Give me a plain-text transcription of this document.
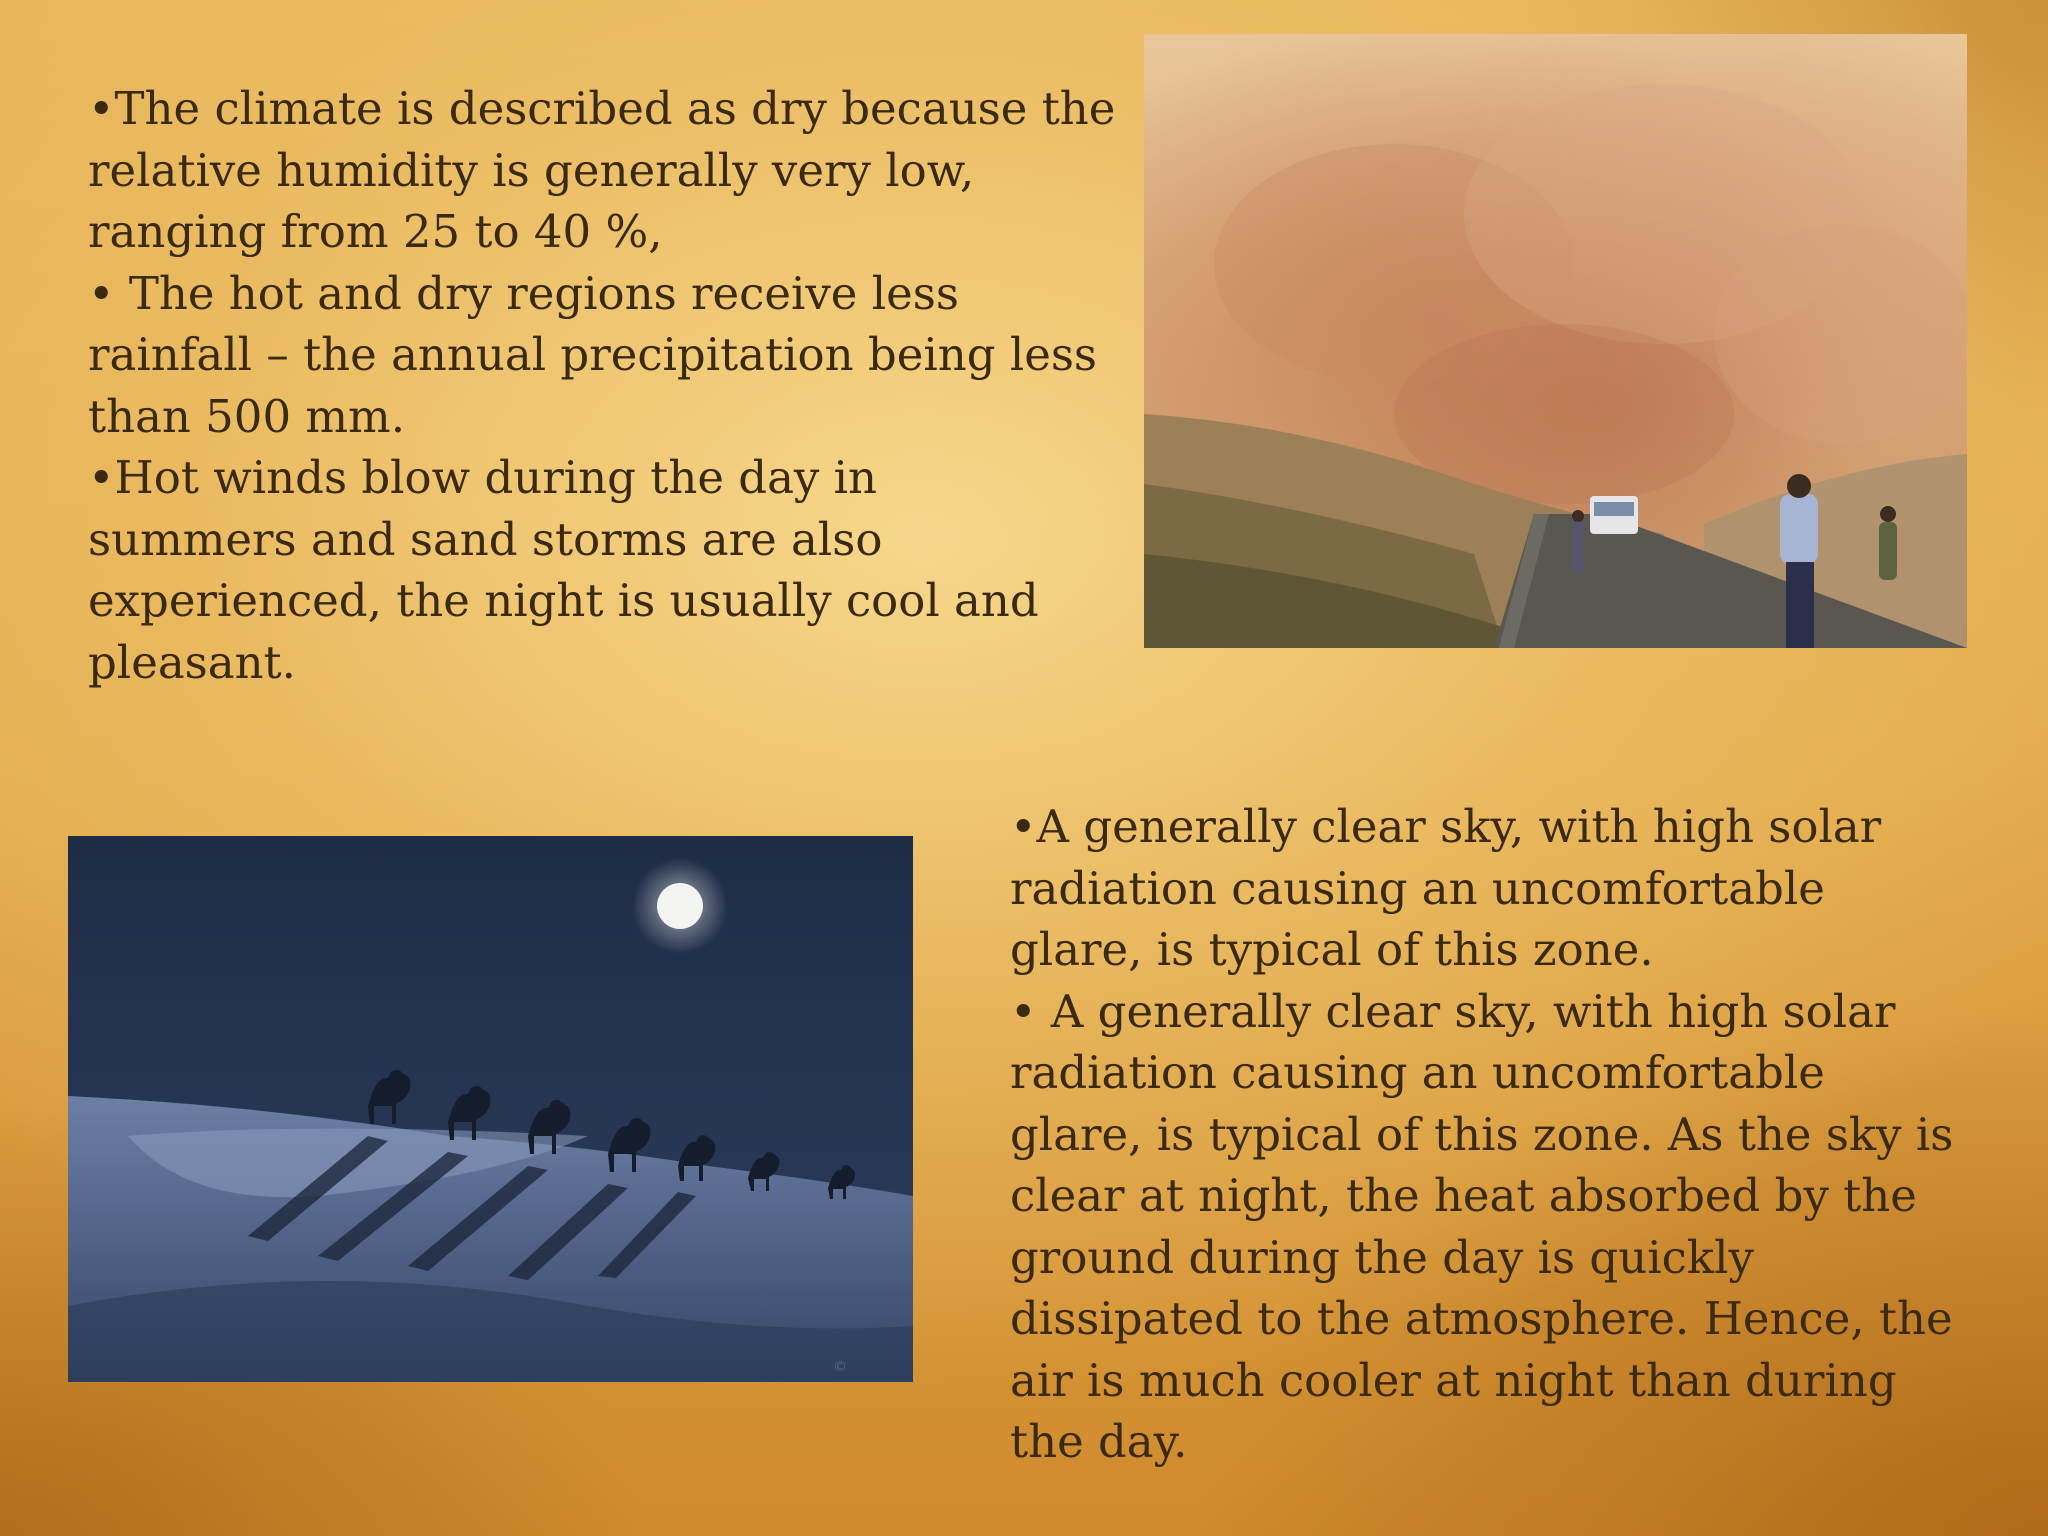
•The climate is described as dry because the

relative humidity is generally very low,

ranging from 25 to 40 %,

• The hot and dry regions receive less

rainfall – the annual precipitation being less

than 500 mm.

•Hot winds blow during the day in

summers and sand storms are also

experienced, the night is usually cool and

pleasant.

©

•A generally clear sky, with high solar

radiation causing an uncomfortable

glare, is typical of this zone.

• A generally clear sky, with high solar

radiation causing an uncomfortable

glare, is typical of this zone. As the sky is

clear at night, the heat absorbed by the

ground during the day is quickly

dissipated to the atmosphere. Hence, the

air is much cooler at night than during

the day.
